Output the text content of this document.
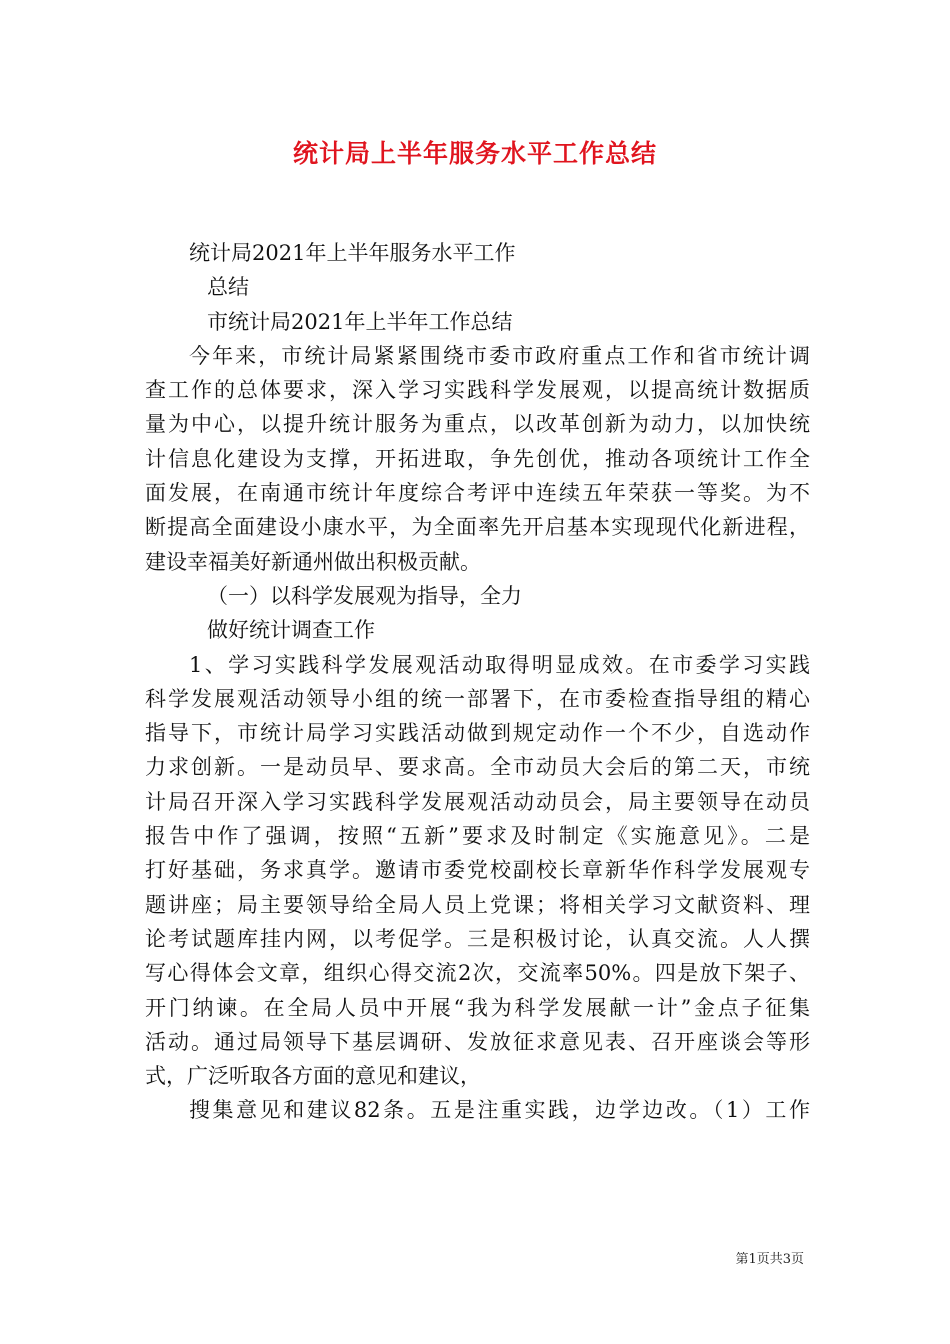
统计局上半年服务水平工作总结
统计局2021年上半年服务水平工作
总结
市统计局2021年上半年工作总结
今年来，市统计局紧紧围绕市委市政府重点工作和省市统计调
查工作的总体要求，深入学习实践科学发展观，以提高统计数据质
量为中心，以提升统计服务为重点，以改革创新为动力，以加快统
计信息化建设为支撑，开拓进取，争先创优，推动各项统计工作全
面发展，在南通市统计年度综合考评中连续五年荣获一等奖。为不
断提高全面建设小康水平，为全面率先开启基本实现现代化新进程，
建设幸福美好新通州做出积极贡献。
（一）以科学发展观为指导，全力
做好统计调查工作
1、学习实践科学发展观活动取得明显成效。在市委学习实践
科学发展观活动领导小组的统一部署下，在市委检查指导组的精心
指导下，市统计局学习实践活动做到规定动作一个不少，自选动作
力求创新。一是动员早、要求高。全市动员大会后的第二天，市统
计局召开深入学习实践科学发展观活动动员会，局主要领导在动员
报告中作了强调，按照“五新”要求及时制定《实施意见》。二是
打好基础，务求真学。邀请市委党校副校长章新华作科学发展观专
题讲座；局主要领导给全局人员上党课；将相关学习文献资料、理
论考试题库挂内网，以考促学。三是积极讨论，认真交流。人人撰
写心得体会文章，组织心得交流2次，交流率50%。四是放下架子、
开门纳谏。在全局人员中开展“我为科学发展献一计”金点子征集
活动。通过局领导下基层调研、发放征求意见表、召开座谈会等形
式，广泛听取各方面的意见和建议，
搜集意见和建议82条。五是注重实践，边学边改。（1）工作
第1页共3页
